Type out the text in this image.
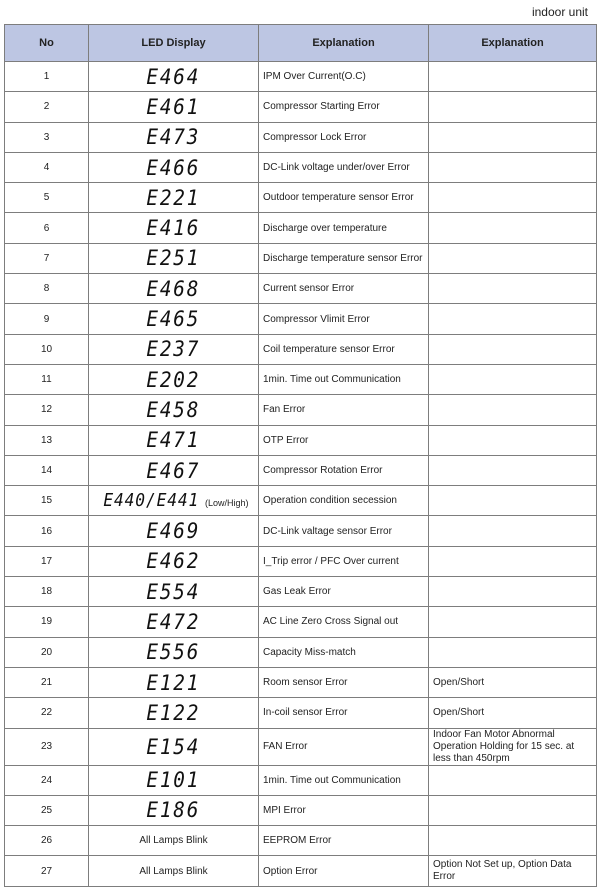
indoor unit
No	LED Display	Explanation	Explanation
1	E464	IPM Over Current(O.C)	
2	E461	Compressor Starting Error	
3	E473	Compressor Lock Error	
4	E466	DC-Link voltage under/over Error	
5	E221	Outdoor temperature sensor Error	
6	E416	Discharge over temperature	
7	E251	Discharge temperature sensor Error	
8	E468	Current sensor Error	
9	E465	Compressor Vlimit Error	
10	E237	Coil temperature sensor Error	
11	E202	1min. Time out Communication	
12	E458	Fan Error	
13	E471	OTP Error	
14	E467	Compressor Rotation Error	
15	E440/E441 (Low/High)	Operation condition secession	
16	E469	DC-Link valtage sensor Error	
17	E462	I_Trip error / PFC Over current	
18	E554	Gas Leak Error	
19	E472	AC Line Zero Cross Signal out	
20	E556	Capacity Miss-match	
21	E121	Room sensor Error	Open/Short
22	E122	In-coil sensor Error	Open/Short
23	E154	FAN Error	Indoor Fan Motor Abnormal Operation Holding for 15 sec. at less than 450rpm
24	E101	1min. Time out Communication	
25	E186	MPI Error	
26	All Lamps Blink	EEPROM Error	
27	All Lamps Blink	Option Error	Option Not Set up, Option Data Error
